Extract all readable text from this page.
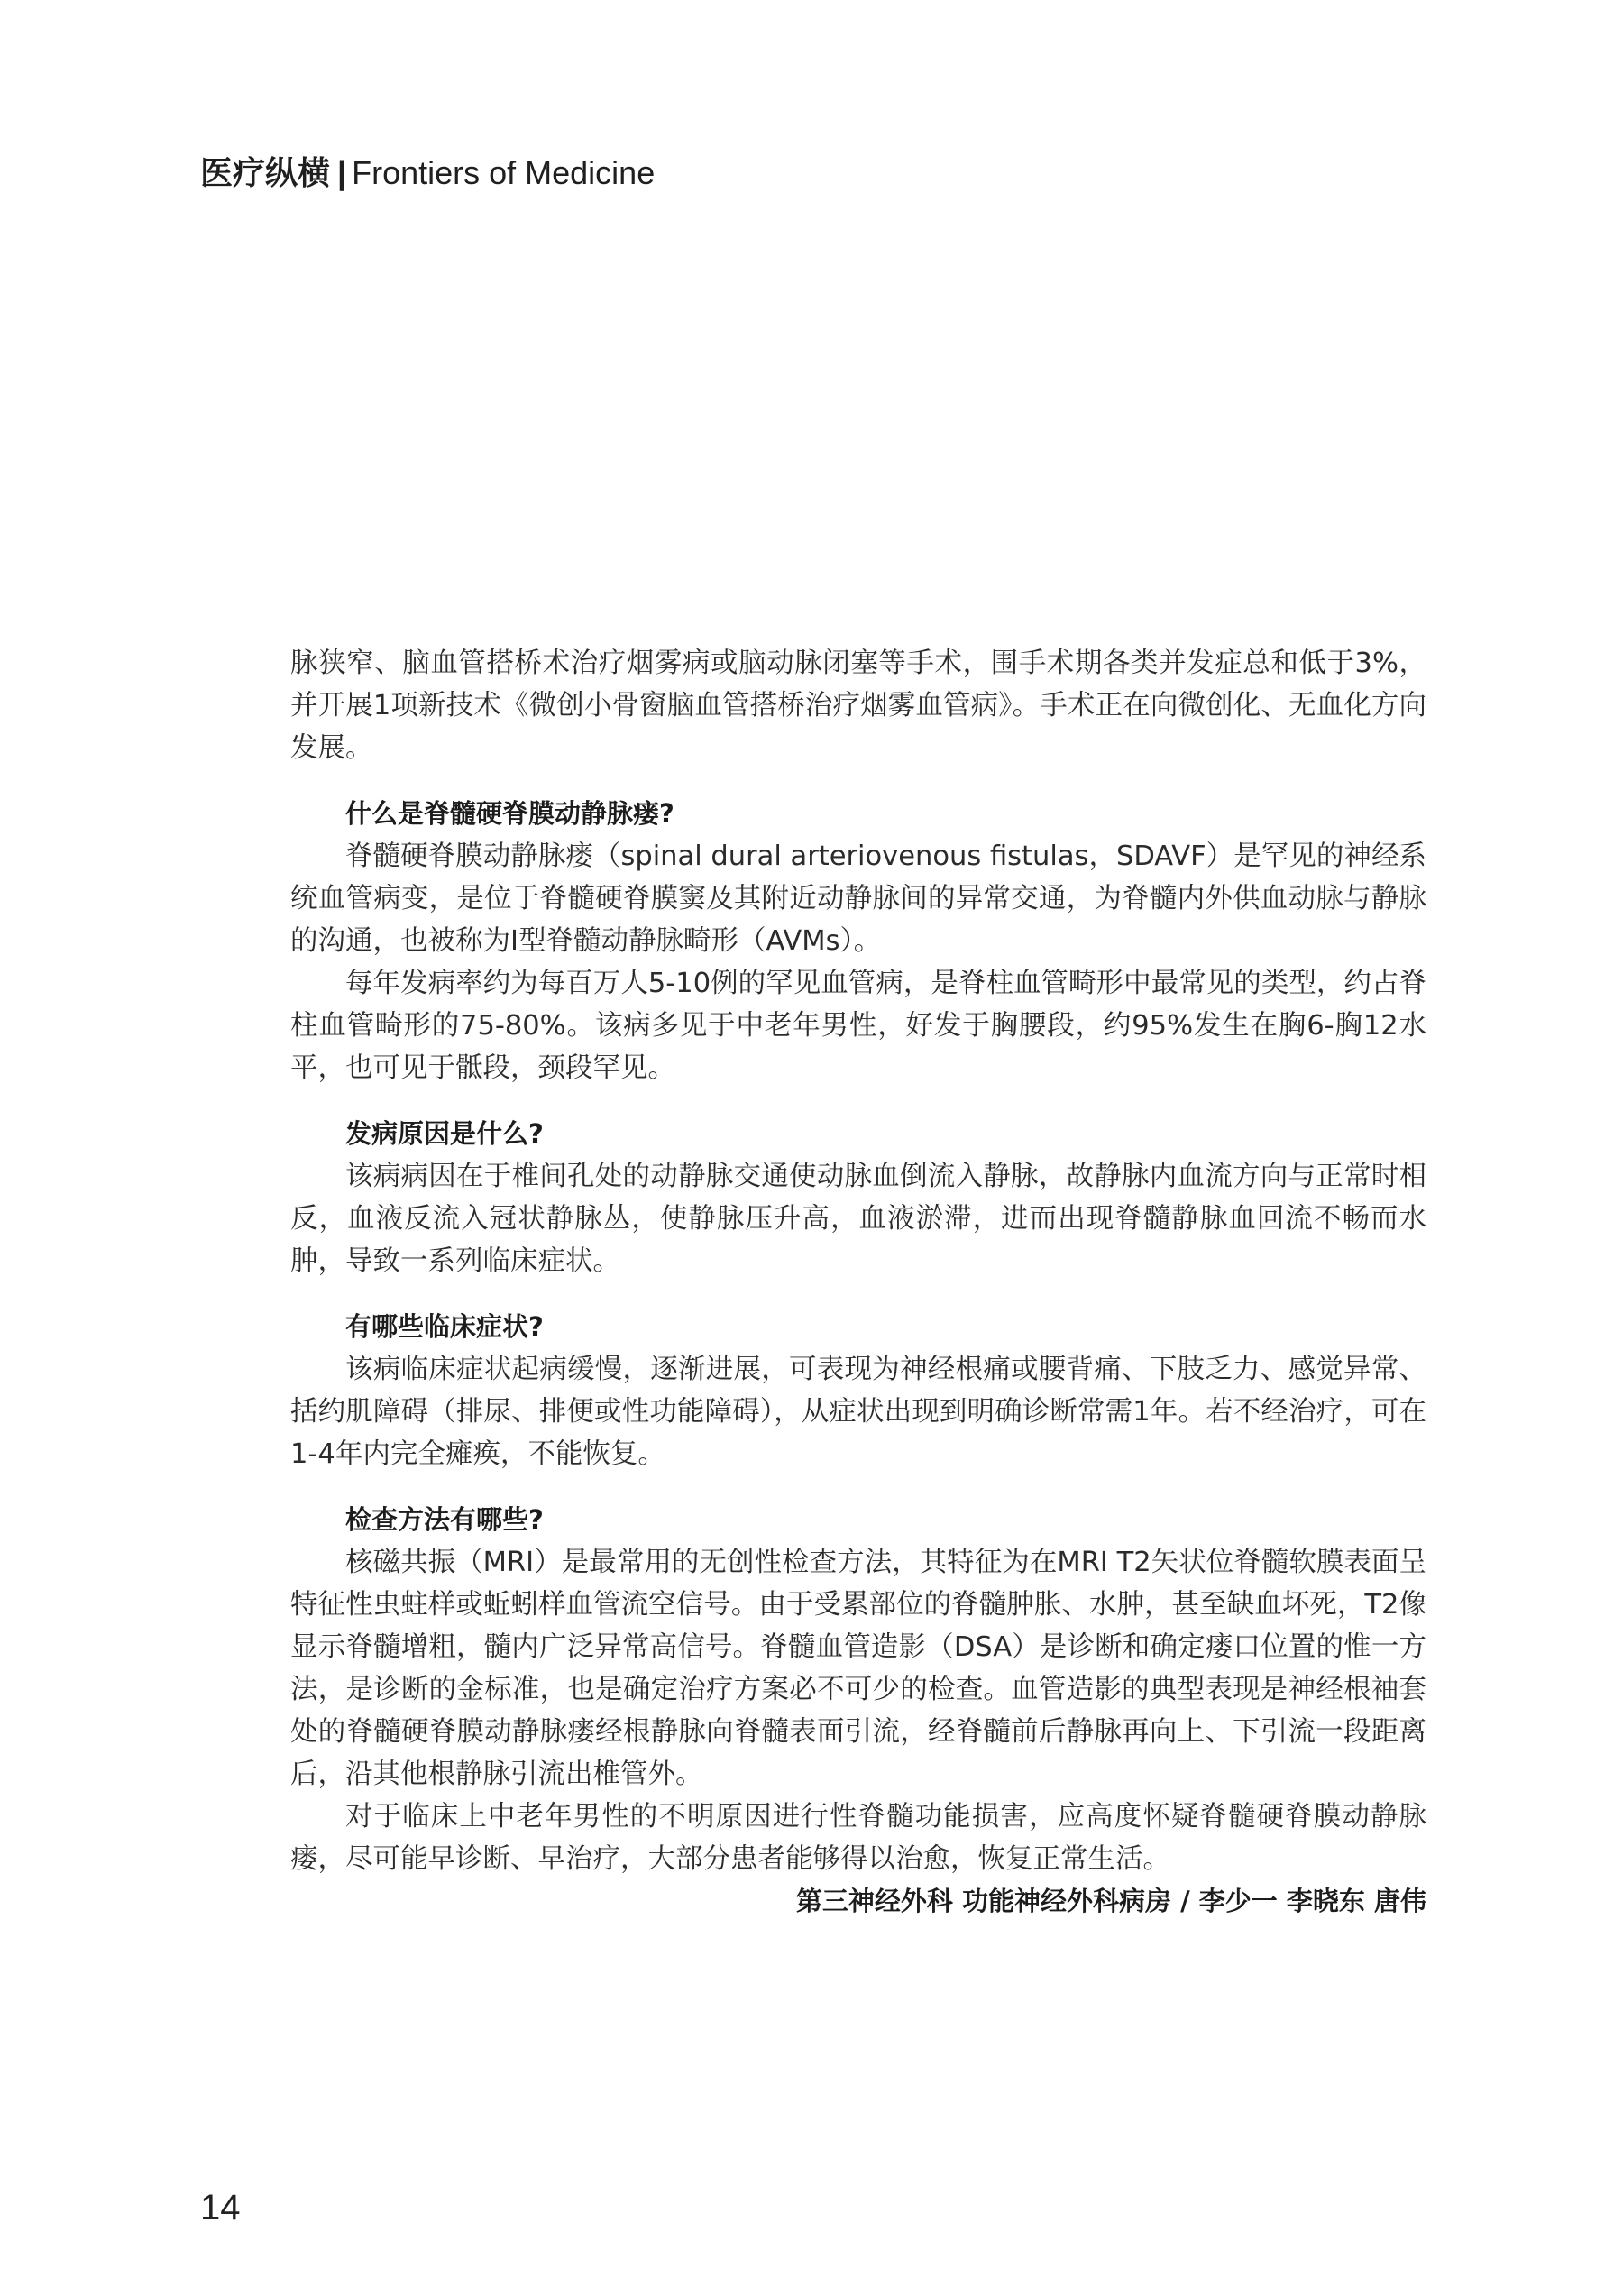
医疗纵横 | Frontiers of Medicine

脉狭窄、脑血管搭桥术治疗烟雾病或脑动脉闭塞等手术，围手术期各类并发症总和低于3%，并开展1项新技术《微创小骨窗脑血管搭桥治疗烟雾血管病》。手术正在向微创化、无血化方向发展。

什么是脊髓硬脊膜动静脉瘘?

脊髓硬脊膜动静脉瘘（spinal dural arteriovenous fistulas，SDAVF）是罕见的神经系统血管病变，是位于脊髓硬脊膜窦及其附近动静脉间的异常交通，为脊髓内外供血动脉与静脉的沟通，也被称为I型脊髓动静脉畸形（AVMs）。

每年发病率约为每百万人5-10例的罕见血管病，是脊柱血管畸形中最常见的类型，约占脊柱血管畸形的75-80%。该病多见于中老年男性，好发于胸腰段，约95%发生在胸6-胸12水平，也可见于骶段，颈段罕见。

发病原因是什么?

该病病因在于椎间孔处的动静脉交通使动脉血倒流入静脉，故静脉内血流方向与正常时相反，血液反流入冠状静脉丛，使静脉压升高，血液淤滞，进而出现脊髓静脉血回流不畅而水肿，导致一系列临床症状。

有哪些临床症状?

该病临床症状起病缓慢，逐渐进展，可表现为神经根痛或腰背痛、下肢乏力、感觉异常、括约肌障碍（排尿、排便或性功能障碍），从症状出现到明确诊断常需1年。若不经治疗，可在1-4年内完全瘫痪，不能恢复。

检查方法有哪些?

核磁共振（MRI）是最常用的无创性检查方法，其特征为在MRI T2矢状位脊髓软膜表面呈特征性虫蛀样或蚯蚓样血管流空信号。由于受累部位的脊髓肿胀、水肿，甚至缺血坏死，T2像显示脊髓增粗，髓内广泛异常高信号。脊髓血管造影（DSA）是诊断和确定瘘口位置的惟一方法，是诊断的金标准，也是确定治疗方案必不可少的检查。血管造影的典型表现是神经根袖套处的脊髓硬脊膜动静脉瘘经根静脉向脊髓表面引流，经脊髓前后静脉再向上、下引流一段距离后，沿其他根静脉引流出椎管外。

对于临床上中老年男性的不明原因进行性脊髓功能损害，应高度怀疑脊髓硬脊膜动静脉瘘，尽可能早诊断、早治疗，大部分患者能够得以治愈，恢复正常生活。

第三神经外科 功能神经外科病房 / 李少一 李晓东 唐伟
14
